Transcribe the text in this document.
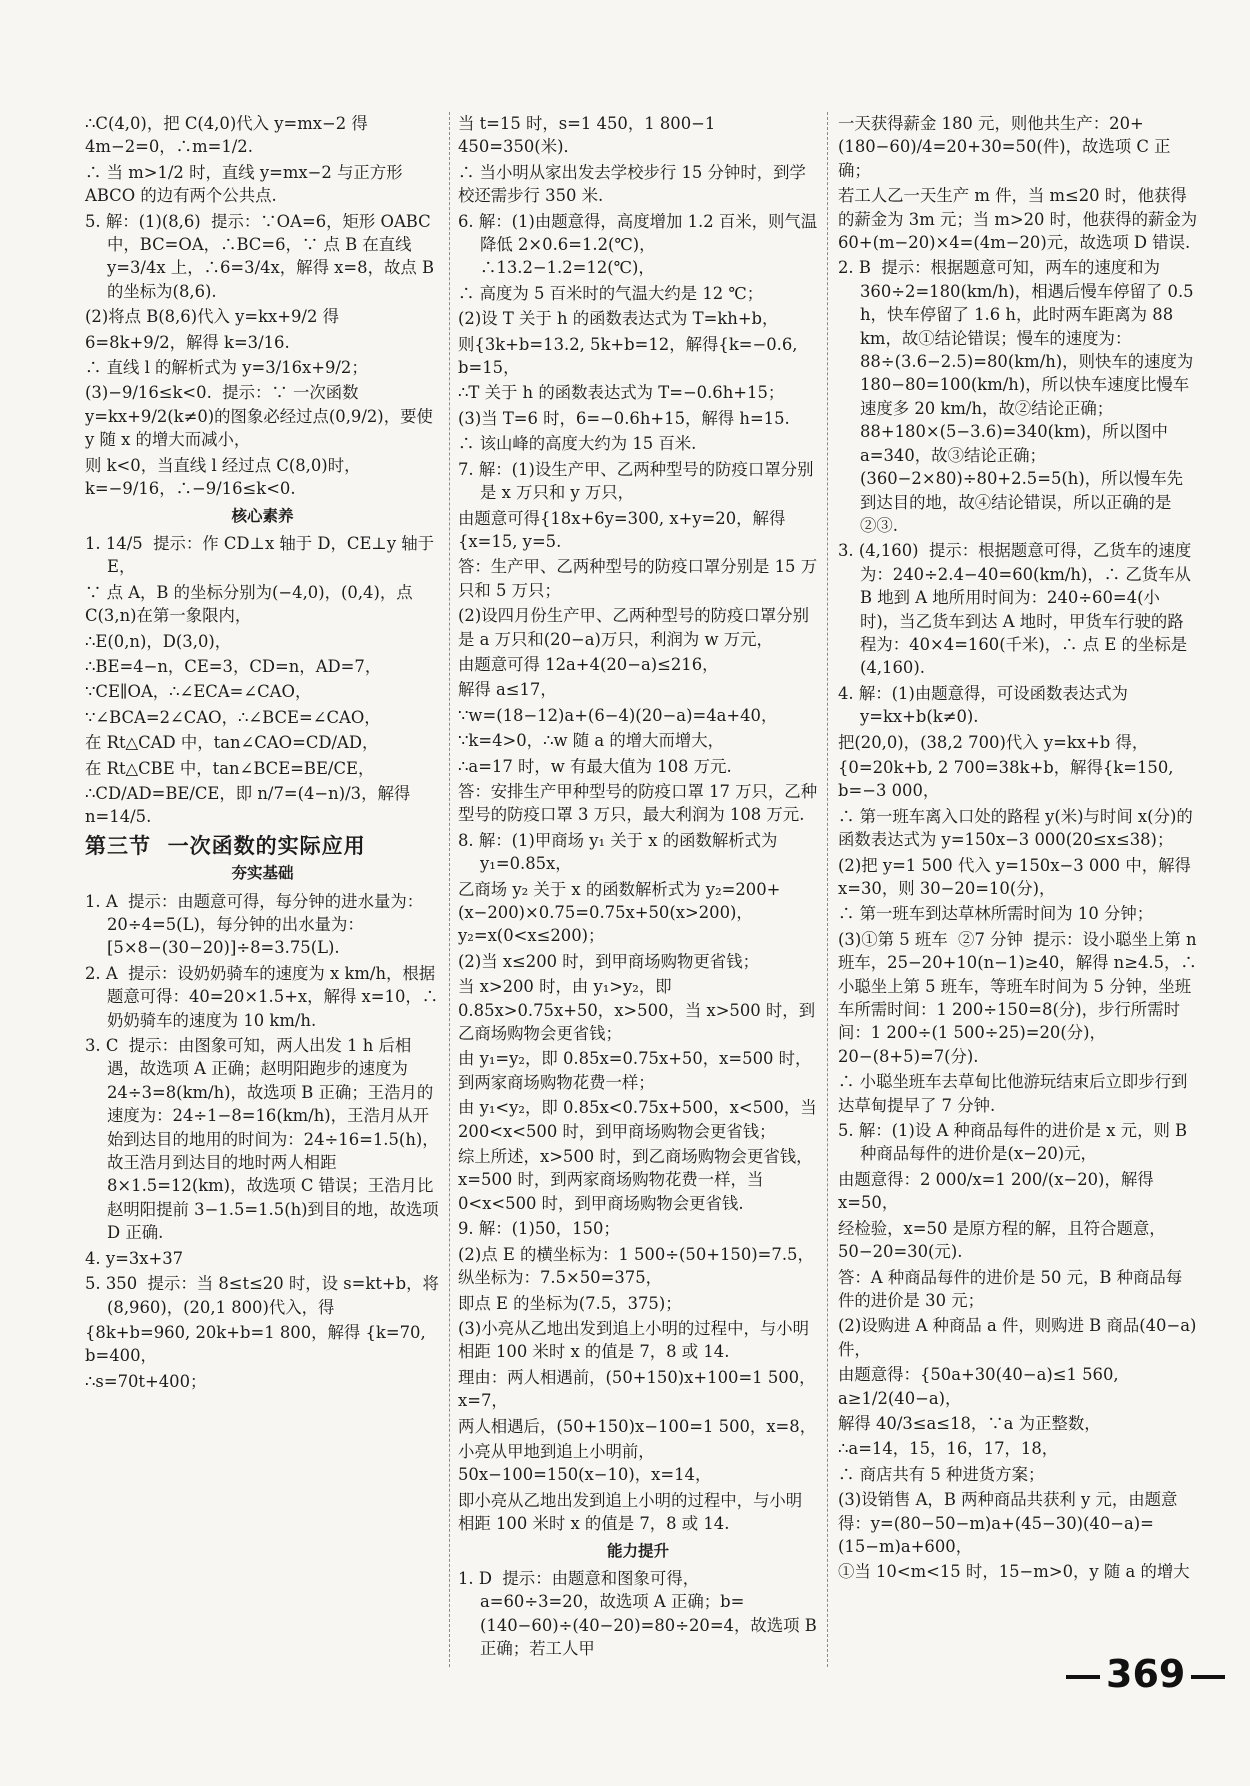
∴C(4,0)，把 C(4,0)代入 y=mx−2 得 4m−2=0，∴m=1/2.

∴ 当 m>1/2 时，直线 y=mx−2 与正方形 ABCO 的边有两个公共点.

5. 解：(1)(8,6)  提示：∵OA=6，矩形 OABC 中，BC=OA，∴BC=6，∵ 点 B 在直线 y=3/4x 上，∴6=3/4x，解得 x=8，故点 B 的坐标为(8,6).

(2)将点 B(8,6)代入 y=kx+9/2 得

6=8k+9/2，解得 k=3/16.

∴ 直线 l 的解析式为 y=3/16x+9/2；

(3)−9/16≤k<0.  提示：∵ 一次函数 y=kx+9/2(k≠0)的图象必经过点(0,9/2)，要使 y 随 x 的增大而减小，

则 k<0，当直线 l 经过点 C(8,0)时，k=−9/16，∴−9/16≤k<0.

核心素养

1. 14/5  提示：作 CD⊥x 轴于 D，CE⊥y 轴于 E，

∵ 点 A，B 的坐标分别为(−4,0)，(0,4)，点 C(3,n)在第一象限内，

∴E(0,n)，D(3,0)，

∴BE=4−n，CE=3，CD=n，AD=7，

∵CE∥OA，∴∠ECA=∠CAO，

∵∠BCA=2∠CAO，∴∠BCE=∠CAO，

在 Rt△CAD 中，tan∠CAO=CD/AD，

在 Rt△CBE 中，tan∠BCE=BE/CE，

∴CD/AD=BE/CE，即 n/7=(4−n)/3，解得 n=14/5.

第三节  一次函数的实际应用

夯实基础

1. A  提示：由题意可得，每分钟的进水量为：20÷4=5(L)，每分钟的出水量为：[5×8−(30−20)]÷8=3.75(L).

2. A  提示：设奶奶骑车的速度为 x km/h，根据题意可得：40=20×1.5+x，解得 x=10，∴ 奶奶骑车的速度为 10 km/h.

3. C  提示：由图象可知，两人出发 1 h 后相遇，故选项 A 正确；赵明阳跑步的速度为 24÷3=8(km/h)，故选项 B 正确；王浩月的速度为：24÷1−8=16(km/h)，王浩月从开始到达目的地用的时间为：24÷16=1.5(h)，故王浩月到达目的地时两人相距 8×1.5=12(km)，故选项 C 错误；王浩月比赵明阳提前 3−1.5=1.5(h)到目的地，故选项 D 正确.

4. y=3x+37

5. 350  提示：当 8≤t≤20 时，设 s=kt+b，将(8,960)，(20,1 800)代入，得

{8k+b=960, 20k+b=1 800，解得 {k=70, b=400，

∴s=70t+400；

当 t=15 时，s=1 450，1 800−1 450=350(米)．

∴ 当小明从家出发去学校步行 15 分钟时，到学校还需步行 350 米.

6. 解：(1)由题意得，高度增加 1.2 百米，则气温降低 2×0.6=1.2(℃)，∴13.2−1.2=12(℃)，

∴ 高度为 5 百米时的气温大约是 12 ℃；

(2)设 T 关于 h 的函数表达式为 T=kh+b，

则{3k+b=13.2, 5k+b=12，解得{k=−0.6, b=15，

∴T 关于 h 的函数表达式为 T=−0.6h+15；

(3)当 T=6 时，6=−0.6h+15，解得 h=15.

∴ 该山峰的高度大约为 15 百米.

7. 解：(1)设生产甲、乙两种型号的防疫口罩分别是 x 万只和 y 万只，

由题意可得{18x+6y=300, x+y=20，解得{x=15, y=5.

答：生产甲、乙两种型号的防疫口罩分别是 15 万只和 5 万只；

(2)设四月份生产甲、乙两种型号的防疫口罩分别是 a 万只和(20−a)万只，利润为 w 万元，

由题意可得 12a+4(20−a)≤216，

解得 a≤17，

∵w=(18−12)a+(6−4)(20−a)=4a+40，

∵k=4>0，∴w 随 a 的增大而增大，

∴a=17 时，w 有最大值为 108 万元.

答：安排生产甲种型号的防疫口罩 17 万只，乙种型号的防疫口罩 3 万只，最大利润为 108 万元.

8. 解：(1)甲商场 y₁ 关于 x 的函数解析式为 y₁=0.85x，

乙商场 y₂ 关于 x 的函数解析式为 y₂=200+(x−200)×0.75=0.75x+50(x>200)，y₂=x(0<x≤200)；

(2)当 x≤200 时，到甲商场购物更省钱；

当 x>200 时，由 y₁>y₂，即 0.85x>0.75x+50，x>500，当 x>500 时，到乙商场购物会更省钱；

由 y₁=y₂，即 0.85x=0.75x+50，x=500 时，到两家商场购物花费一样；

由 y₁<y₂，即 0.85x<0.75x+500，x<500，当 200<x<500 时，到甲商场购物会更省钱；

综上所述，x>500 时，到乙商场购物会更省钱，x=500 时，到两家商场购物花费一样，当 0<x<500 时，到甲商场购物会更省钱.

9. 解：(1)50，150；

(2)点 E 的横坐标为：1 500÷(50+150)=7.5，纵坐标为：7.5×50=375，

即点 E 的坐标为(7.5，375)；

(3)小亮从乙地出发到追上小明的过程中，与小明相距 100 米时 x 的值是 7，8 或 14.

理由：两人相遇前，(50+150)x+100=1 500，x=7，

两人相遇后，(50+150)x−100=1 500，x=8，

小亮从甲地到追上小明前，50x−100=150(x−10)，x=14，

即小亮从乙地出发到追上小明的过程中，与小明相距 100 米时 x 的值是 7，8 或 14.

能力提升

1. D  提示：由题意和图象可得，a=60÷3=20，故选项 A 正确；b=(140−60)÷(40−20)=80÷20=4，故选项 B 正确；若工人甲

一天获得薪金 180 元，则他共生产：20+(180−60)/4=20+30=50(件)，故选项 C 正确；

若工人乙一天生产 m 件，当 m≤20 时，他获得的薪金为 3m 元；当 m>20 时，他获得的薪金为 60+(m−20)×4=(4m−20)元，故选项 D 错误.

2. B  提示：根据题意可知，两车的速度和为 360÷2=180(km/h)，相遇后慢车停留了 0.5 h，快车停留了 1.6 h，此时两车距离为 88 km，故①结论错误；慢车的速度为：88÷(3.6−2.5)=80(km/h)，则快车的速度为 180−80=100(km/h)，所以快车速度比慢车速度多 20 km/h，故②结论正确；88+180×(5−3.6)=340(km)，所以图中 a=340，故③结论正确；(360−2×80)÷80+2.5=5(h)，所以慢车先到达目的地，故④结论错误，所以正确的是②③.

3. (4,160)  提示：根据题意可得，乙货车的速度为：240÷2.4−40=60(km/h)，∴ 乙货车从 B 地到 A 地所用时间为：240÷60=4(小时)，当乙货车到达 A 地时，甲货车行驶的路程为：40×4=160(千米)，∴ 点 E 的坐标是(4,160).

4. 解：(1)由题意得，可设函数表达式为 y=kx+b(k≠0).

把(20,0)，(38,2 700)代入 y=kx+b 得，

{0=20k+b, 2 700=38k+b，解得{k=150, b=−3 000，

∴ 第一班车离入口处的路程 y(米)与时间 x(分)的函数表达式为 y=150x−3 000(20≤x≤38)；

(2)把 y=1 500 代入 y=150x−3 000 中，解得 x=30，则 30−20=10(分)，

∴ 第一班车到达草林所需时间为 10 分钟；

(3)①第 5 班车  ②7 分钟  提示：设小聪坐上第 n 班车，25−20+10(n−1)≥40，解得 n≥4.5，∴ 小聪坐上第 5 班车，等班车时间为 5 分钟，坐班车所需时间：1 200÷150=8(分)，步行所需时间：1 200÷(1 500÷25)=20(分)，20−(8+5)=7(分).

∴ 小聪坐班车去草甸比他游玩结束后立即步行到达草甸提早了 7 分钟.

5. 解：(1)设 A 种商品每件的进价是 x 元，则 B 种商品每件的进价是(x−20)元，

由题意得：2 000/x=1 200/(x−20)，解得 x=50，

经检验，x=50 是原方程的解，且符合题意，50−20=30(元).

答：A 种商品每件的进价是 50 元，B 种商品每件的进价是 30 元；

(2)设购进 A 种商品 a 件，则购进 B 商品(40−a)件，

由题意得：{50a+30(40−a)≤1 560, a≥1/2(40−a)，

解得 40/3≤a≤18，∵a 为正整数，

∴a=14，15，16，17，18，

∴ 商店共有 5 种进货方案；

(3)设销售 A，B 两种商品共获利 y 元，由题意得：y=(80−50−m)a+(45−30)(40−a)=(15−m)a+600，

①当 10<m<15 时，15−m>0，y 随 a 的增大

369
